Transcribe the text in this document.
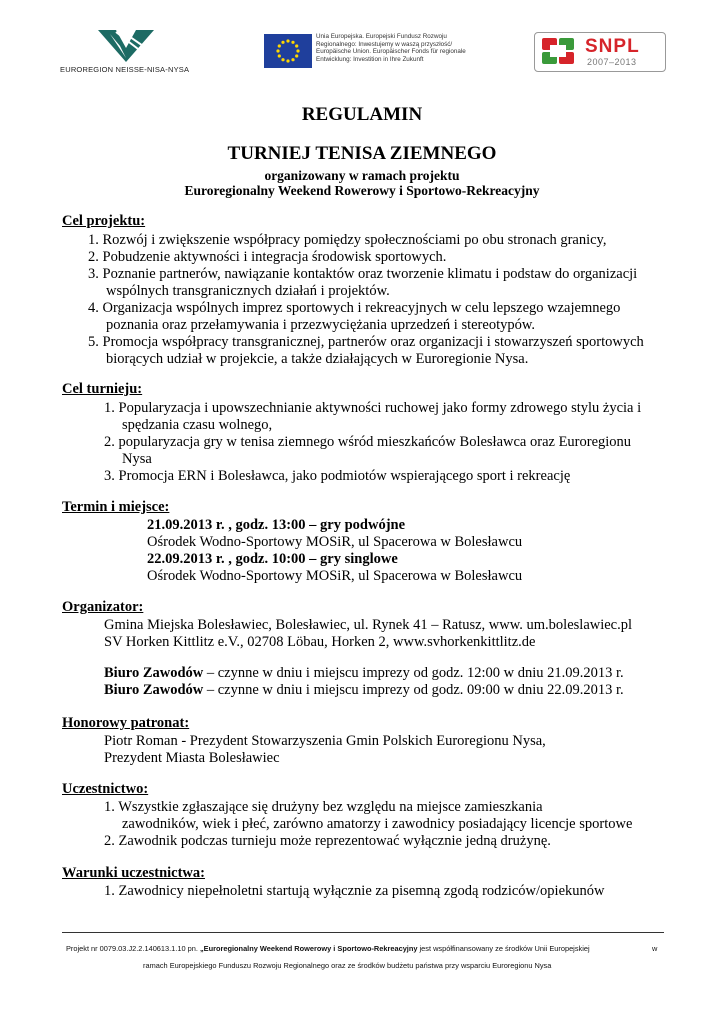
EUROREGION NEISSE-NISA-NYSA
Unia Europejska. Europejski Fundusz Rozwoju Regionalnego: Inwestujemy w waszą przyszłość/ Europäische Union. Europäischer Fonds für regionale Entwicklung: Investition in Ihre Zukunft
SNPL
2007–2013
REGULAMIN
TURNIEJ TENISA ZIEMNEGO
organizowany w ramach projektu
Euroregionalny Weekend Rowerowy i Sportowo-Rekreacyjny
Cel projektu:
1. Rozwój i zwiększenie współpracy pomiędzy społecznościami po obu stronach granicy,
2. Pobudzenie aktywności i integracja środowisk sportowych.
3. Poznanie partnerów, nawiązanie kontaktów oraz tworzenie klimatu i podstaw do organizacji
wspólnych transgranicznych działań i projektów.
4. Organizacja wspólnych imprez sportowych i rekreacyjnych w celu lepszego wzajemnego
poznania oraz przełamywania i przezwyciężania uprzedzeń i stereotypów.
5. Promocja współpracy transgranicznej, partnerów oraz organizacji i stowarzyszeń sportowych
biorących udział w projekcie, a także działających w Euroregionie Nysa.
Cel turnieju:
1. Popularyzacja i upowszechnianie aktywności ruchowej jako formy zdrowego stylu życia i
spędzania czasu wolnego,
2. popularyzacja gry w tenisa ziemnego wśród mieszkańców Bolesławca oraz Euroregionu
Nysa
3. Promocja ERN i Bolesławca, jako podmiotów wspierającego sport i rekreację
Termin i miejsce:
21.09.2013 r. , godz. 13:00 – gry podwójne
Ośrodek Wodno-Sportowy MOSiR, ul Spacerowa w Bolesławcu
22.09.2013 r. , godz. 10:00 – gry singlowe
Ośrodek Wodno-Sportowy MOSiR, ul Spacerowa w Bolesławcu
Organizator:
Gmina Miejska Bolesławiec, Bolesławiec, ul. Rynek 41 – Ratusz, www. um.boleslawiec.pl
SV Horken Kittlitz e.V., 02708 Löbau, Horken 2, www.svhorkenkittlitz.de
Biuro Zawodów – czynne w dniu i miejscu imprezy od godz. 12:00 w dniu 21.09.2013 r.
Biuro Zawodów – czynne w dniu i miejscu imprezy od godz. 09:00 w dniu 22.09.2013 r.
Honorowy patronat:
Piotr Roman - Prezydent Stowarzyszenia Gmin Polskich Euroregionu Nysa,
Prezydent Miasta Bolesławiec
Uczestnictwo:
1. Wszystkie zgłaszające się drużyny bez względu na miejsce zamieszkania
zawodników, wiek i płeć, zarówno amatorzy i zawodnicy posiadający licencje sportowe
2. Zawodnik podczas turnieju może reprezentować wyłącznie jedną drużynę.
Warunki uczestnictwa:
1. Zawodnicy niepełnoletni startują wyłącznie za pisemną zgodą rodziców/opiekunów
Projekt nr 0079.03.J2.2.140613.1.10 pn. „Euroregionalny Weekend Rowerowy i Sportowo-Rekreacyjny jest współfinansowany ze środków Unii Europejskiej	w
ramach Europejskiego Funduszu Rozwoju Regionalnego oraz ze środków budżetu państwa przy wsparciu Euroregionu Nysa
